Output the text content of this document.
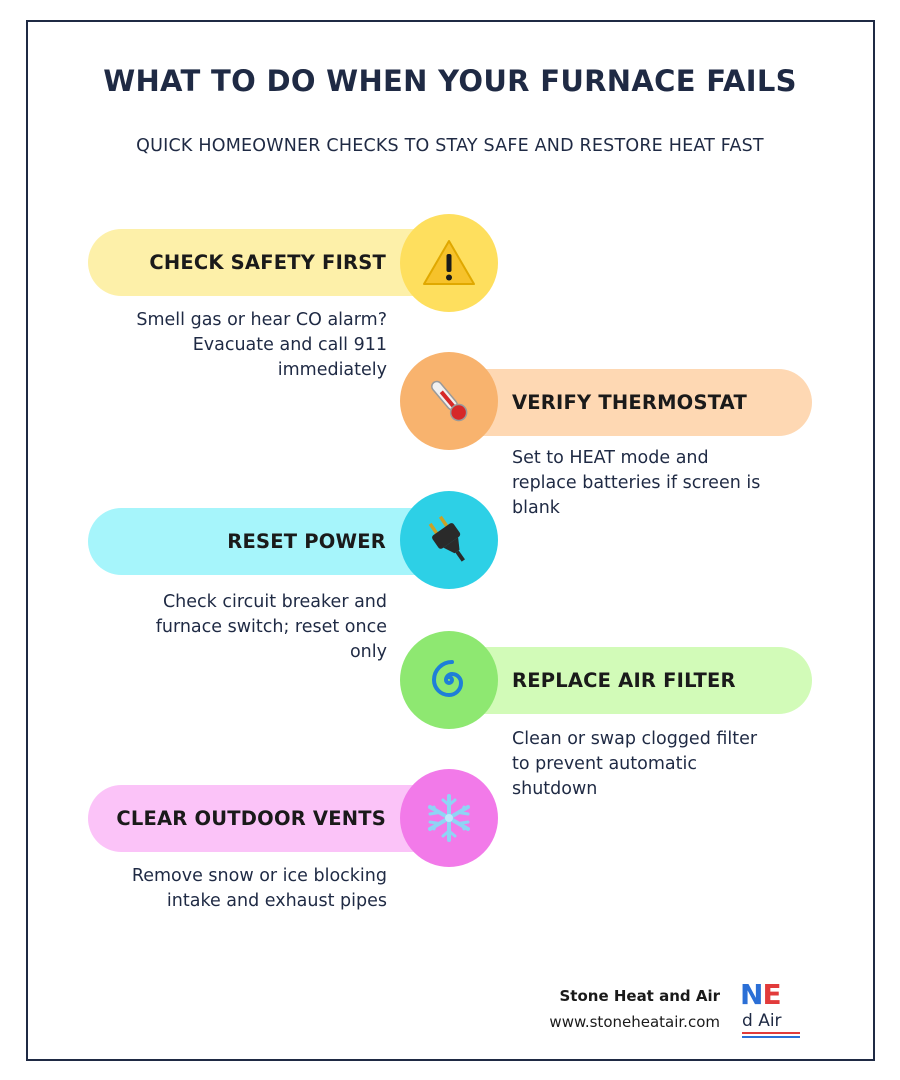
WHAT TO DO WHEN YOUR FURNACE FAILS
QUICK HOMEOWNER CHECKS TO STAY SAFE AND RESTORE HEAT FAST
CHECK SAFETY FIRST
Smell gas or hear CO alarm?
Evacuate and call 911
immediately
VERIFY THERMOSTAT
Set to HEAT mode and
replace batteries if screen is
blank
RESET POWER
Check circuit breaker and
furnace switch; reset once
only
REPLACE AIR FILTER
Clean or swap clogged filter
to prevent automatic
shutdown
CLEAR OUTDOOR VENTS
Remove snow or ice blocking
intake and exhaust pipes
Stone Heat and Air
www.stoneheatair.com
NE
d Air
